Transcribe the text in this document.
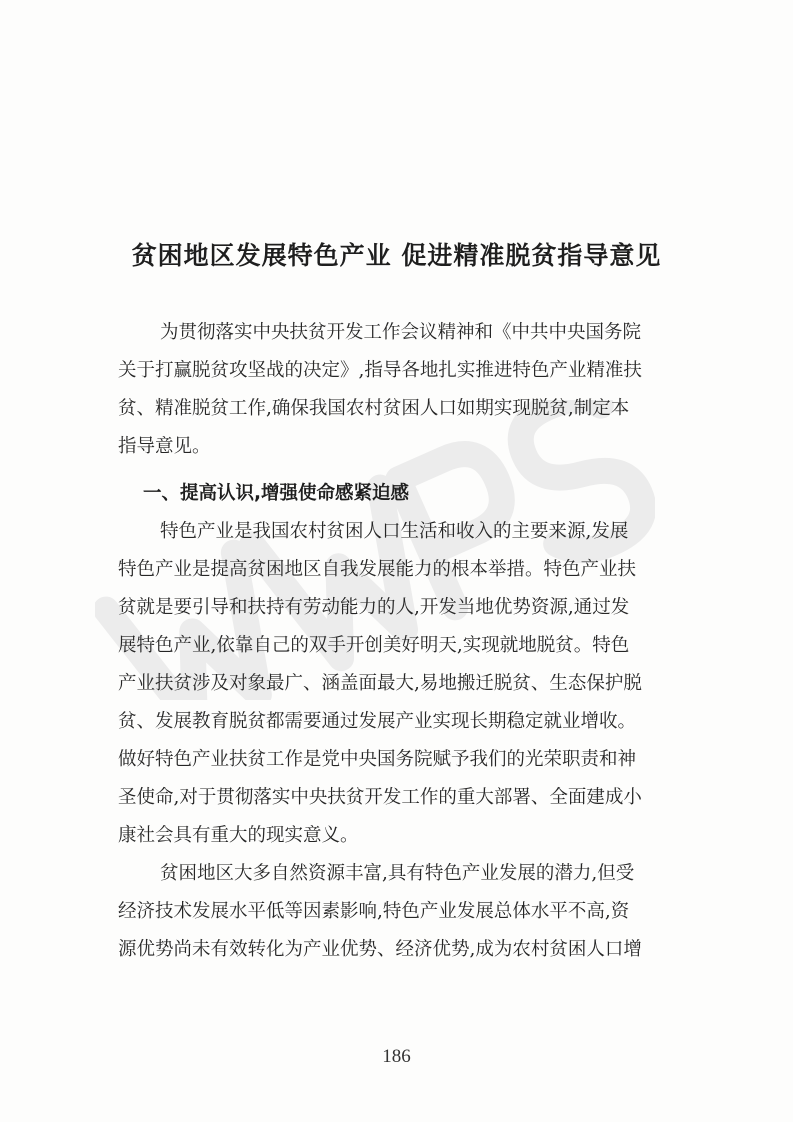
贫困地区发展特色产业 促进精准脱贫指导意见
为贯彻落实中央扶贫开发工作会议精神和《中共中央国务院
关于打赢脱贫攻坚战的决定》,指导各地扎实推进特色产业精准扶
贫、精准脱贫工作,确保我国农村贫困人口如期实现脱贫,制定本
指导意见。
一、提高认识,增强使命感紧迫感
特色产业是我国农村贫困人口生活和收入的主要来源,发展
特色产业是提高贫困地区自我发展能力的根本举措。特色产业扶
贫就是要引导和扶持有劳动能力的人,开发当地优势资源,通过发
展特色产业,依靠自己的双手开创美好明天,实现就地脱贫。特色
产业扶贫涉及对象最广、涵盖面最大,易地搬迁脱贫、生态保护脱
贫、发展教育脱贫都需要通过发展产业实现长期稳定就业增收。
做好特色产业扶贫工作是党中央国务院赋予我们的光荣职责和神
圣使命,对于贯彻落实中央扶贫开发工作的重大部署、全面建成小
康社会具有重大的现实意义。
贫困地区大多自然资源丰富,具有特色产业发展的潜力,但受
经济技术发展水平低等因素影响,特色产业发展总体水平不高,资
源优势尚未有效转化为产业优势、经济优势,成为农村贫困人口增
186
